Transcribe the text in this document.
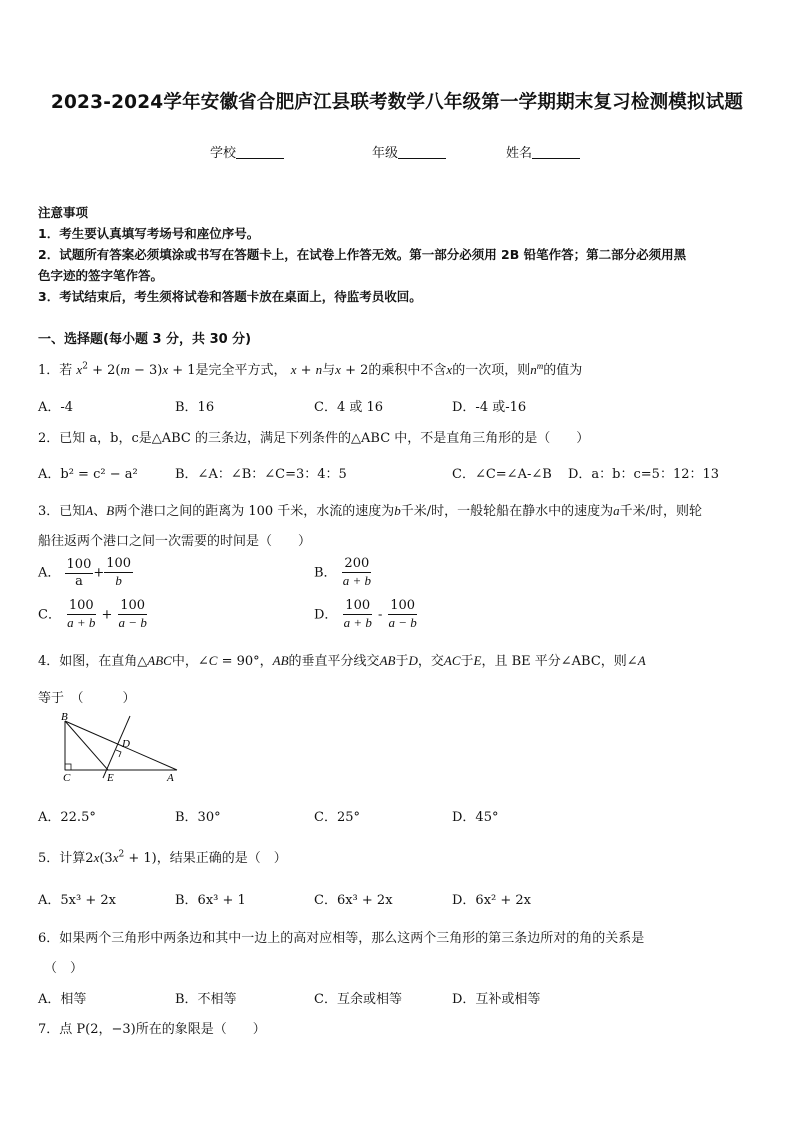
2023-2024学年安徽省合肥庐江县联考数学八年级第一学期期末复习检测模拟试题
学校	年级	姓名
注意事项
1．考生要认真填写考场号和座位序号。
2．试题所有答案必须填涂或书写在答题卡上，在试卷上作答无效。第一部分必须用 2B 铅笔作答；第二部分必须用黑
色字迹的签字笔作答。
3．考试结束后，考生须将试卷和答题卡放在桌面上，待监考员收回。
一、选择题(每小题 3 分，共 30 分)
1．若 $x^2 + 2(m - 3)x + 1$是完全平方式， x + n与x + 2的乘积中不含x的一次项，则$n^m$的值为
A．-4	B．16	C．4 或 16	D．-4 或-16
2．已知 a，b，c是△ABC 的三条边，满足下列条件的△ABC 中，不是直角三角形的是（　　）
A．b² = c² − a²	B．∠A：∠B：∠C=3：4：5	C．∠C=∠A-∠B D．a：b：c=5：12：13
3．已知A、B两个港口之间的距离为 100 千米，水流的速度为b千米/时，一般轮船在静水中的速度为a千米/时，则轮
船往返两个港口之间一次需要的时间是（　　）
A． $\frac{100}{a} + \frac{100}{b}$	B． $\frac{200}{a + b}$
C． $\frac{100}{a + b} + \frac{100}{a - b}$	D． $\frac{100}{a + b} - \frac{100}{a - b}$
4．如图，在直角△ABC中，∠C = 90°，AB的垂直平分线交AB于D，交AC于E，且 BE 平分∠ABC，则∠A
等于　（　　　）
B
C	E	A
D
A．22.5°	B．30°	C．25°	D．45°
5．计算$2x(3x^2 + 1)$，结果正确的是（　）
A．5x³ + 2x	B．6x³ + 1	C．6x³ + 2x	D．6x² + 2x
6．如果两个三角形中两条边和其中一边上的高对应相等，那么这两个三角形的第三条边所对的角的关系是
（　）
A．相等	B．不相等	C．互余或相等	D．互补或相等
7．点 P(2，−3)所在的象限是（　　）
